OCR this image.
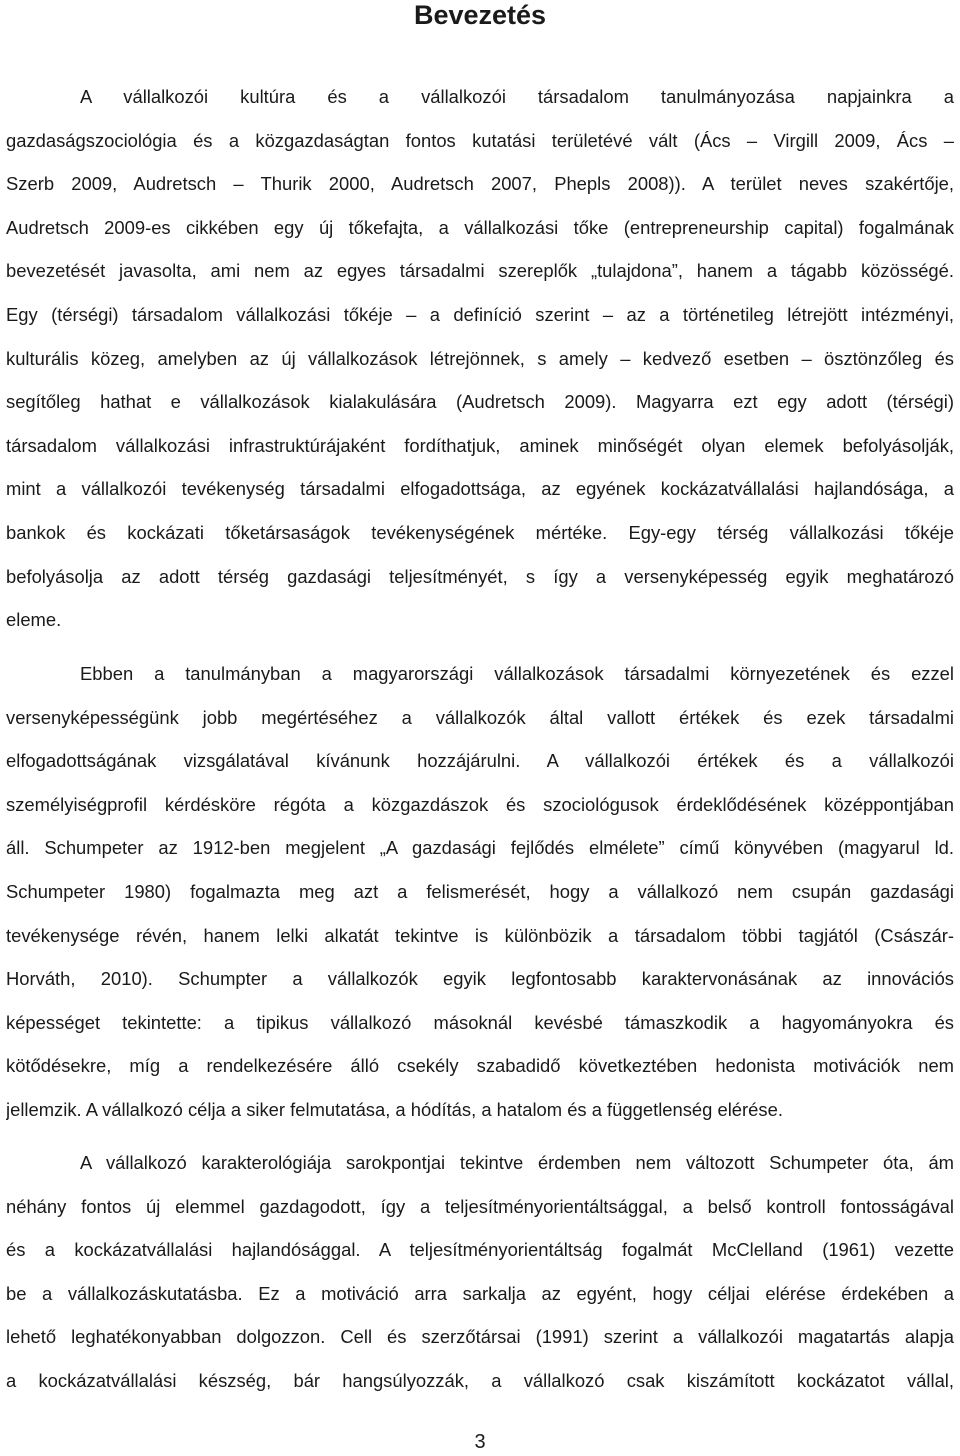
Bevezetés
A vállalkozói kultúra és a vállalkozói társadalom tanulmányozása napjainkra a
gazdaságszociológia és a közgazdaságtan fontos kutatási területévé vált (Ács – Virgill 2009, Ács –
Szerb 2009, Audretsch – Thurik 2000, Audretsch 2007, Phepls 2008)). A terület neves szakértője,
Audretsch 2009-es cikkében egy új tőkefajta, a vállalkozási tőke (entrepreneurship capital) fogalmának
bevezetését javasolta, ami nem az egyes társadalmi szereplők „tulajdona”, hanem a tágabb közösségé.
Egy (térségi) társadalom vállalkozási tőkéje – a definíció szerint – az a történetileg létrejött intézményi,
kulturális közeg, amelyben az új vállalkozások létrejönnek, s amely – kedvező esetben – ösztönzőleg és
segítőleg hathat e vállalkozások kialakulására (Audretsch 2009). Magyarra ezt egy adott (térségi)
társadalom vállalkozási infrastruktúrájaként fordíthatjuk, aminek minőségét olyan elemek befolyásolják,
mint a vállalkozói tevékenység társadalmi elfogadottsága, az egyének kockázatvállalási hajlandósága, a
bankok és kockázati tőketársaságok tevékenységének mértéke. Egy-egy térség vállalkozási tőkéje
befolyásolja az adott térség gazdasági teljesítményét, s így a versenyképesség egyik meghatározó
eleme.
Ebben a tanulmányban a magyarországi vállalkozások társadalmi környezetének és ezzel
versenyképességünk jobb megértéséhez a vállalkozók által vallott értékek és ezek társadalmi
elfogadottságának vizsgálatával kívánunk hozzájárulni. A vállalkozói értékek és a vállalkozói
személyiségprofil kérdésköre régóta a közgazdászok és szociológusok érdeklődésének középpontjában
áll. Schumpeter az 1912-ben megjelent „A gazdasági fejlődés elmélete” című könyvében (magyarul ld.
Schumpeter 1980) fogalmazta meg azt a felismerését, hogy a vállalkozó nem csupán gazdasági
tevékenysége révén, hanem lelki alkatát tekintve is különbözik a társadalom többi tagjától (Császár-
Horváth, 2010). Schumpter a vállalkozók egyik legfontosabb karaktervonásának az innovációs
képességet tekintette: a tipikus vállalkozó másoknál kevésbé támaszkodik a hagyományokra és
kötődésekre, míg a rendelkezésére álló csekély szabadidő következtében hedonista motivációk nem
jellemzik. A vállalkozó célja a siker felmutatása, a hódítás, a hatalom és a függetlenség elérése.
A vállalkozó karakterológiája sarokpontjai tekintve érdemben nem változott Schumpeter óta, ám
néhány fontos új elemmel gazdagodott, így a teljesítményorientáltsággal, a belső kontroll fontosságával
és a kockázatvállalási hajlandósággal. A teljesítményorientáltság fogalmát McClelland (1961) vezette
be a vállalkozáskutatásba. Ez a motiváció arra sarkalja az egyént, hogy céljai elérése érdekében a
lehető leghatékonyabban dolgozzon. Cell és szerzőtársai (1991) szerint a vállalkozói magatartás alapja
a kockázatvállalási készség, bár hangsúlyozzák, a vállalkozó csak kiszámított kockázatot vállal,
3
